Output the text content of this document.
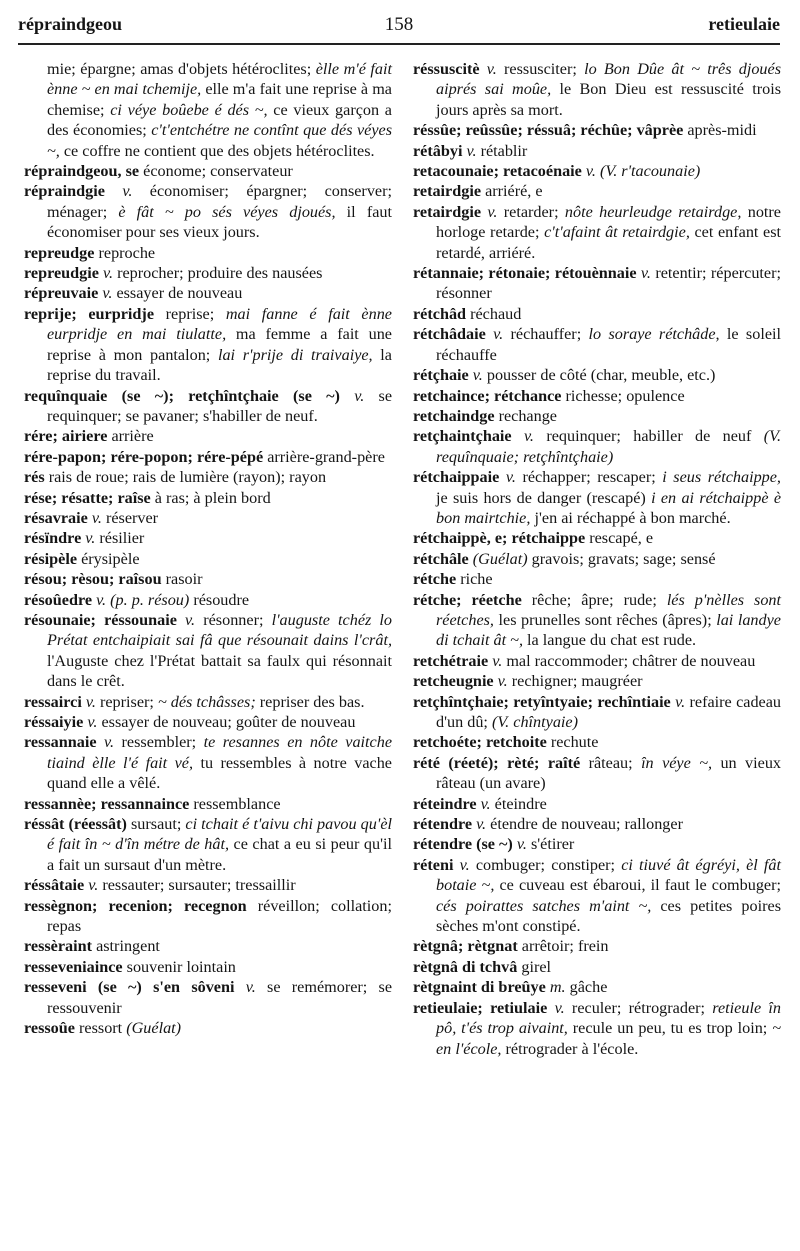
répraindgeou	158	retieulaie

mie; épargne; amas d'objets hétéroclites; èlle m'é fait ènne ~ en mai tchemije, elle m'a fait une reprise à ma chemise; ci véye boûebe é dés ~, ce vieux garçon a des économies; c't'entchétre ne contînt que dés véyes ~, ce coffre ne contient que des objets hétéroclites.

répraindgeou, se économe; conservateur

répraindgie v. économiser; épargner; conserver; ménager; è fât ~ po sés véyes djoués, il faut économiser pour ses vieux jours.

repreudge reproche

repreudgie v. reprocher; produire des nausées

répreuvaie v. essayer de nouveau

reprije; eurpridje reprise; mai fanne é fait ènne eurpridje en mai tiulatte, ma femme a fait une reprise à mon pantalon; lai r'prije di traivaiye, la reprise du travail.

requînquaie (se ~); retçhîntçhaie (se ~) v. se requinquer; se pavaner; s'habiller de neuf.

rére; airiere arrière

rére-papon; rére-popon; rére-pépé arrière-grand-père

rés rais de roue; rais de lumière (rayon); rayon

rése; résatte; raîse à ras; à plein bord

résavraie v. réserver

résïndre v. résilier

résipèle érysipèle

résou; rèsou; raîsou rasoir

résoûedre v. (p. p. résou) résoudre

résounaie; réssounaie v. résonner; l'auguste tchéz lo Prétat entchaipiait sai fâ que résounait dains l'crât, l'Auguste chez l'Prétat battait sa faulx qui résonnait dans le crêt.

ressairci v. repriser; ~ dés tchâsses; repriser des bas.

réssaiyie v. essayer de nouveau; goûter de nouveau

ressannaie v. ressembler; te resannes en nôte vaitche tiaind èlle l'é fait vé, tu ressembles à notre vache quand elle a vêlé.

ressannèe; ressannaince ressemblance

réssât (réessât) sursaut; ci tchait é t'aivu chi pavou qu'èl é fait în ~ d'în métre de hât, ce chat a eu si peur qu'il a fait un sursaut d'un mètre.

réssâtaie v. ressauter; sursauter; tressaillir

ressègnon; recenion; recegnon réveillon; collation; repas

ressèraint astringent

resseveniaince souvenir lointain

resseveni (se ~) s'en sôveni v. se remémorer; se ressouvenir

ressoûe ressort (Guélat)

réssuscitè v. ressusciter; lo Bon Dûe ât ~ três djoués aiprés sai moûe, le Bon Dieu est ressuscité trois jours après sa mort.

réssûe; reûssûe; réssuâ; réchûe; vâprèe après-midi

rétâbyi v. rétablir

retacounaie; retacoénaie v. (V. r'tacounaie)

retairdgie arriéré, e

retairdgie v. retarder; nôte heurleudge retairdge, notre horloge retarde; c't'afaint ât retairdgie, cet enfant est retardé, arriéré.

rétannaie; rétonaie; rétouènnaie v. retentir; répercuter; résonner

rétchâd réchaud

rétchâdaie v. réchauffer; lo soraye rétchâde, le soleil réchauffe

rétçhaie v. pousser de côté (char, meuble, etc.)

retchaince; rétchance richesse; opulence

retchaindge rechange

retçhaintçhaie v. requinquer; habiller de neuf (V. requînquaie; retçhîntçhaie)

rétchaippaie v. réchapper; rescaper; i seus rétchaippe, je suis hors de danger (rescapé) i en ai rétchaippè è bon mairtchie, j'en ai réchappé à bon marché.

rétchaippè, e; rétchaippe rescapé, e

rétchâle (Guélat) gravois; gravats; sage; sensé

rétche riche

rétche; réetche rêche; âpre; rude; lés p'nèlles sont réetches, les prunelles sont rêches (âpres); lai landye di tchait ât ~, la langue du chat est rude.

retchétraie v. mal raccommoder; châtrer de nouveau

retcheugnie v. rechigner; maugréer

retçhîntçhaie; retyîntyaie; rechîntiaie v. refaire cadeau d'un dû; (V. chîntyaie)

retchoéte; retchoite rechute

rété (réeté); rèté; raîté râteau; în véye ~, un vieux râteau (un avare)

réteindre v. éteindre

rétendre v. étendre de nouveau; rallonger

rétendre (se ~) v. s'étirer

réteni v. combuger; constiper; ci tiuvé ât égréyi, èl fât botaie ~, ce cuveau est ébaroui, il faut le combuger; cés poirattes satches m'aint ~, ces petites poires sèches m'ont constipé.

rètgnâ; rètgnat arrêtoir; frein

rètgnâ di tchvâ girel

rètgnaint di breûye m. gâche

retieulaie; retiulaie v. reculer; rétrograder; retieule în pô, t'és trop aivaint, recule un peu, tu es trop loin; ~ en l'école, rétrograder à l'école.
